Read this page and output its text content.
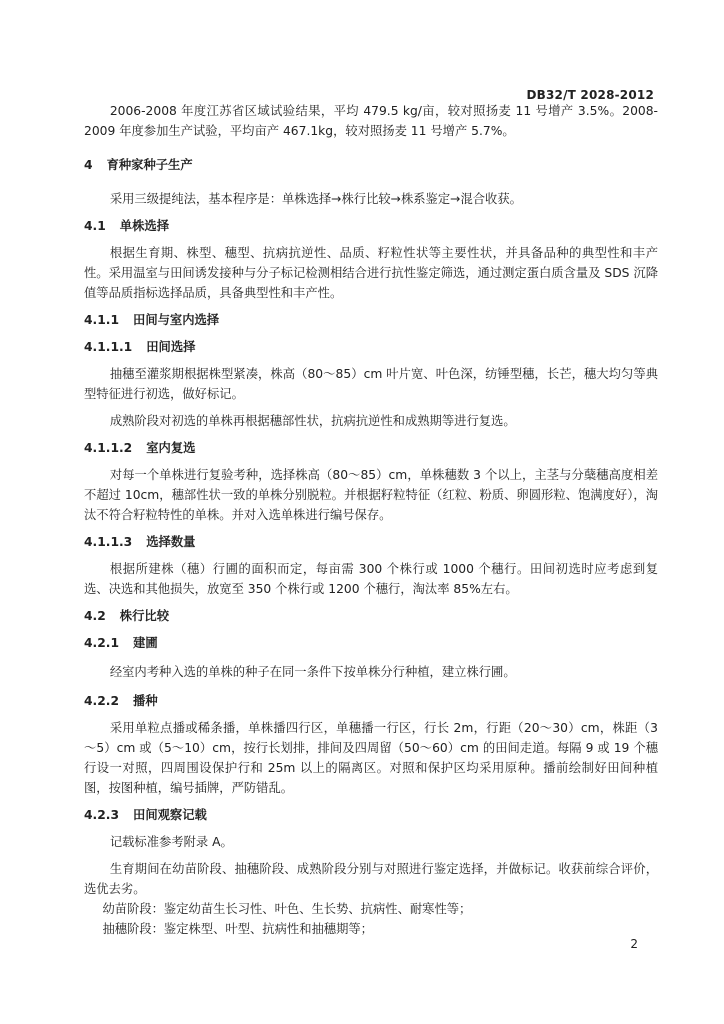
DB32/T 2028-2012

2006-2008 年度江苏省区域试验结果，平均 479.5 kg/亩，较对照扬麦 11 号增产 3.5%。2008-2009 年度参加生产试验，平均亩产 467.1kg，较对照扬麦 11 号增产 5.7%。

4 育种家种子生产

采用三级提纯法，基本程序是：单株选择→株行比较→株系鉴定→混合收获。

4.1 单株选择

根据生育期、株型、穗型、抗病抗逆性、品质、籽粒性状等主要性状，并具备品种的典型性和丰产性。采用温室与田间诱发接种与分子标记检测相结合进行抗性鉴定筛选，通过测定蛋白质含量及 SDS 沉降值等品质指标选择品质，具备典型性和丰产性。

4.1.1 田间与室内选择
4.1.1.1 田间选择

抽穗至灌浆期根据株型紧凑，株高（80～85）cm 叶片宽、叶色深，纺锤型穗，长芒，穗大均匀等典型特征进行初选，做好标记。

成熟阶段对初选的单株再根据穗部性状，抗病抗逆性和成熟期等进行复选。

4.1.1.2 室内复选

对每一个单株进行复验考种，选择株高（80～85）cm，单株穗数 3 个以上，主茎与分蘖穗高度相差不超过 10cm，穗部性状一致的单株分别脱粒。并根据籽粒特征（红粒、粉质、卵圆形粒、饱满度好），淘汰不符合籽粒特性的单株。并对入选单株进行编号保存。

4.1.1.3 选择数量

根据所建株（穗）行圃的面积而定，每亩需 300 个株行或 1000 个穗行。田间初选时应考虑到复选、决选和其他损失，放宽至 350 个株行或 1200 个穗行，淘汰率 85%左右。

4.2 株行比较
4.2.1 建圃

经室内考种入选的单株的种子在同一条件下按单株分行种植，建立株行圃。

4.2.2 播种

采用单粒点播或稀条播，单株播四行区，单穗播一行区，行长 2m，行距（20～30）cm，株距（3～5）cm 或（5～10）cm，按行长划排，排间及四周留（50～60）cm 的田间走道。每隔 9 或 19 个穗行设一对照，四周围设保护行和 25m 以上的隔离区。对照和保护区均采用原种。播前绘制好田间种植图，按图种植，编号插牌，严防错乱。

4.2.3 田间观察记载

记载标准参考附录 A。

生育期间在幼苗阶段、抽穗阶段、成熟阶段分别与对照进行鉴定选择，并做标记。收获前综合评价，选优去劣。

幼苗阶段：鉴定幼苗生长习性、叶色、生长势、抗病性、耐寒性等；

抽穗阶段：鉴定株型、叶型、抗病性和抽穗期等；

2
